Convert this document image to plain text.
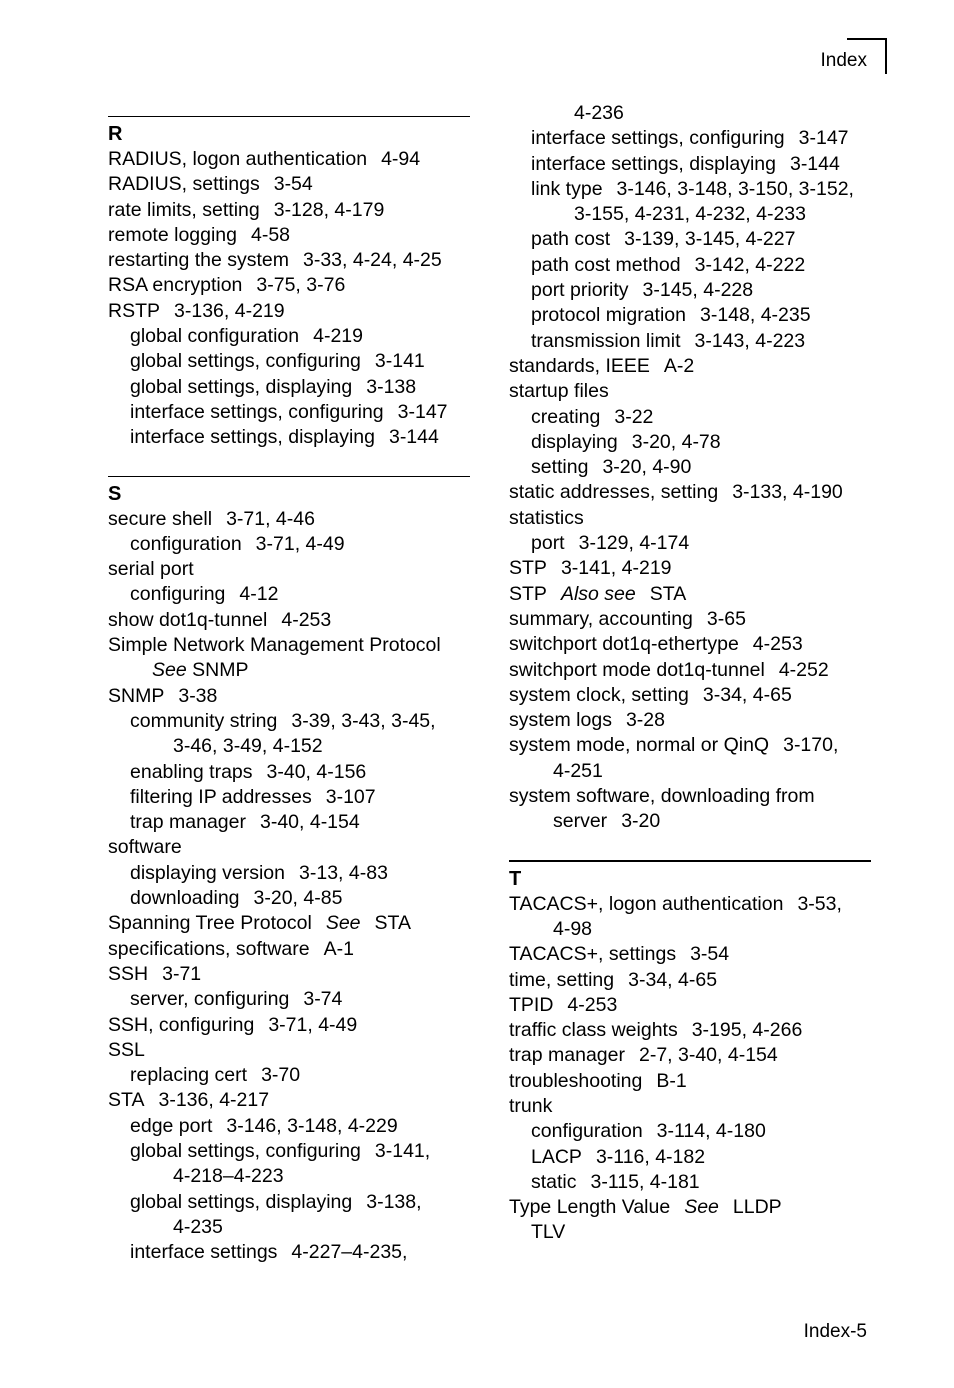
Index
R
RADIUS, logon authentication 4-94
RADIUS, settings 3-54
rate limits, setting 3-128, 4-179
remote logging 4-58
restarting the system 3-33, 4-24, 4-25
RSA encryption 3-75, 3-76
RSTP 3-136, 4-219
global configuration 4-219
global settings, configuring 3-141
global settings, displaying 3-138
interface settings, configuring 3-147
interface settings, displaying 3-144
S
secure shell 3-71, 4-46
configuration 3-71, 4-49
serial port
configuring 4-12
show dot1q-tunnel 4-253
Simple Network Management Protocol
See SNMP
SNMP 3-38
community string 3-39, 3-43, 3-45,
3-46, 3-49, 4-152
enabling traps 3-40, 4-156
filtering IP addresses 3-107
trap manager 3-40, 4-154
software
displaying version 3-13, 4-83
downloading 3-20, 4-85
Spanning Tree Protocol See STA
specifications, software A-1
SSH 3-71
server, configuring 3-74
SSH, configuring 3-71, 4-49
SSL
replacing cert 3-70
STA 3-136, 4-217
edge port 3-146, 3-148, 4-229
global settings, configuring 3-141,
4-218–4-223
global settings, displaying 3-138,
4-235
interface settings 4-227–4-235,
4-236
interface settings, configuring 3-147
interface settings, displaying 3-144
link type 3-146, 3-148, 3-150, 3-152,
3-155, 4-231, 4-232, 4-233
path cost 3-139, 3-145, 4-227
path cost method 3-142, 4-222
port priority 3-145, 4-228
protocol migration 3-148, 4-235
transmission limit 3-143, 4-223
standards, IEEE A-2
startup files
creating 3-22
displaying 3-20, 4-78
setting 3-20, 4-90
static addresses, setting 3-133, 4-190
statistics
port 3-129, 4-174
STP 3-141, 4-219
STP Also see STA
summary, accounting 3-65
switchport dot1q-ethertype 4-253
switchport mode dot1q-tunnel 4-252
system clock, setting 3-34, 4-65
system logs 3-28
system mode, normal or QinQ 3-170,
4-251
system software, downloading from
server 3-20
T
TACACS+, logon authentication 3-53,
4-98
TACACS+, settings 3-54
time, setting 3-34, 4-65
TPID 4-253
traffic class weights 3-195, 4-266
trap manager 2-7, 3-40, 4-154
troubleshooting B-1
trunk
configuration 3-114, 4-180
LACP 3-116, 4-182
static 3-115, 4-181
Type Length Value See LLDP
TLV
Index-5
